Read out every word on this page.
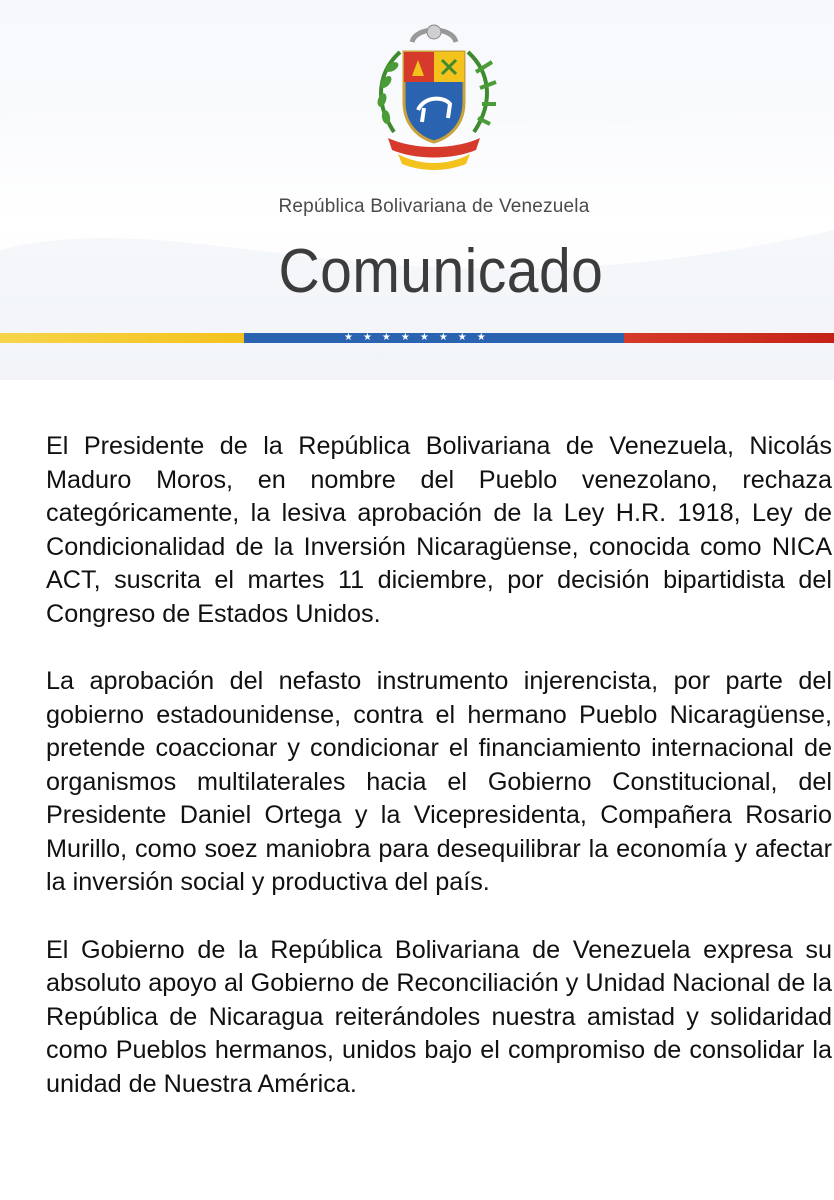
República Bolivariana de Venezuela
Comunicado
★★★★★★★★

El Presidente de la República Bolivariana de Venezuela, Nicolás Maduro Moros, en nombre del Pueblo venezolano, rechaza categóricamente, la lesiva aprobación de la Ley H.R. 1918, Ley de Condicionalidad de la Inversión Nicaragüense, conocida como NICA ACT, suscrita el martes 11 diciembre, por decisión bipartidista del Congreso de Estados Unidos.

La aprobación del nefasto instrumento injerencista, por parte del gobierno estadounidense, contra el hermano Pueblo Nicaragüense, pretende coaccionar y condicionar el financiamiento internacional de organismos multilaterales hacia el Gobierno Constitucional, del Presidente Daniel Ortega y la Vicepresidenta, Compañera Rosario Murillo, como soez maniobra para desequilibrar la economía y afectar la inversión social y productiva del país.

El Gobierno de la República Bolivariana de Venezuela expresa su absoluto apoyo al Gobierno de Reconciliación y Unidad Nacional de la República de Nicaragua reiterándoles nuestra amistad y solidaridad como Pueblos hermanos, unidos bajo el compromiso de consolidar la unidad de Nuestra América.
